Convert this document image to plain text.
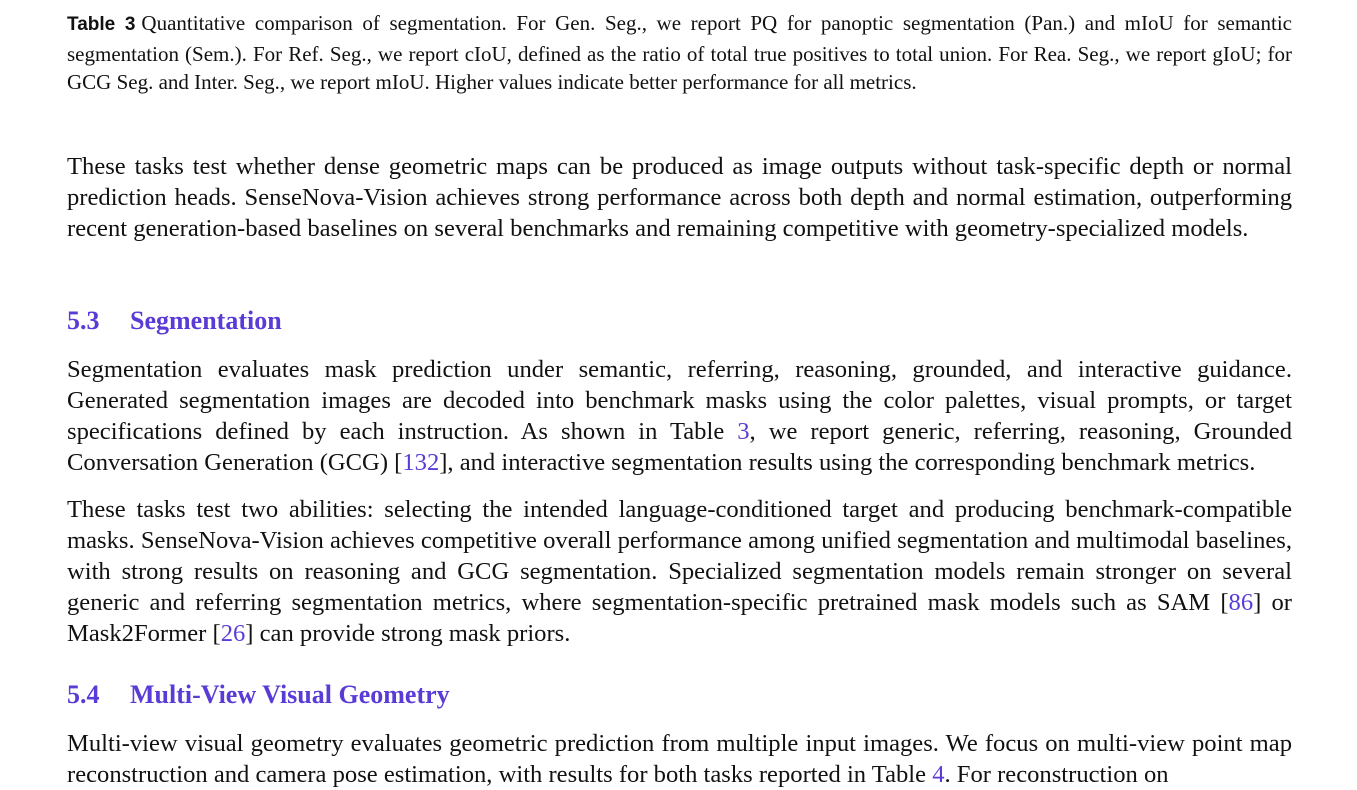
Table 3 Quantitative comparison of segmentation. For Gen. Seg., we report PQ for panoptic segmentation (Pan.) and mIoU for semantic segmentation (Sem.). For Ref. Seg., we report cIoU, defined as the ratio of total true positives to total union. For Rea. Seg., we report gIoU; for GCG Seg. and Inter. Seg., we report mIoU. Higher values indicate better performance for all metrics.

These tasks test whether dense geometric maps can be produced as image outputs without task-specific depth or normal prediction heads. SenseNova-Vision achieves strong performance across both depth and normal estimation, outperforming recent generation-based baselines on several benchmarks and remaining competitive with geometry-specialized models.

5.3 Segmentation

Segmentation evaluates mask prediction under semantic, referring, reasoning, grounded, and interactive guidance. Generated segmentation images are decoded into benchmark masks using the color palettes, visual prompts, or target specifications defined by each instruction. As shown in Table 3, we report generic, referring, reasoning, Grounded Conversation Generation (GCG) [132], and interactive segmentation results using the corresponding benchmark metrics.

These tasks test two abilities: selecting the intended language-conditioned target and producing benchmark-compatible masks. SenseNova-Vision achieves competitive overall performance among unified segmentation and multimodal baselines, with strong results on reasoning and GCG segmentation. Specialized segmentation models remain stronger on several generic and referring segmentation metrics, where segmentation-specific pretrained mask models such as SAM [86] or Mask2Former [26] can provide strong mask priors.

5.4 Multi-View Visual Geometry

Multi-view visual geometry evaluates geometric prediction from multiple input images. We focus on multi-view point map reconstruction and camera pose estimation, with results for both tasks reported in Table 4. For reconstruction on
